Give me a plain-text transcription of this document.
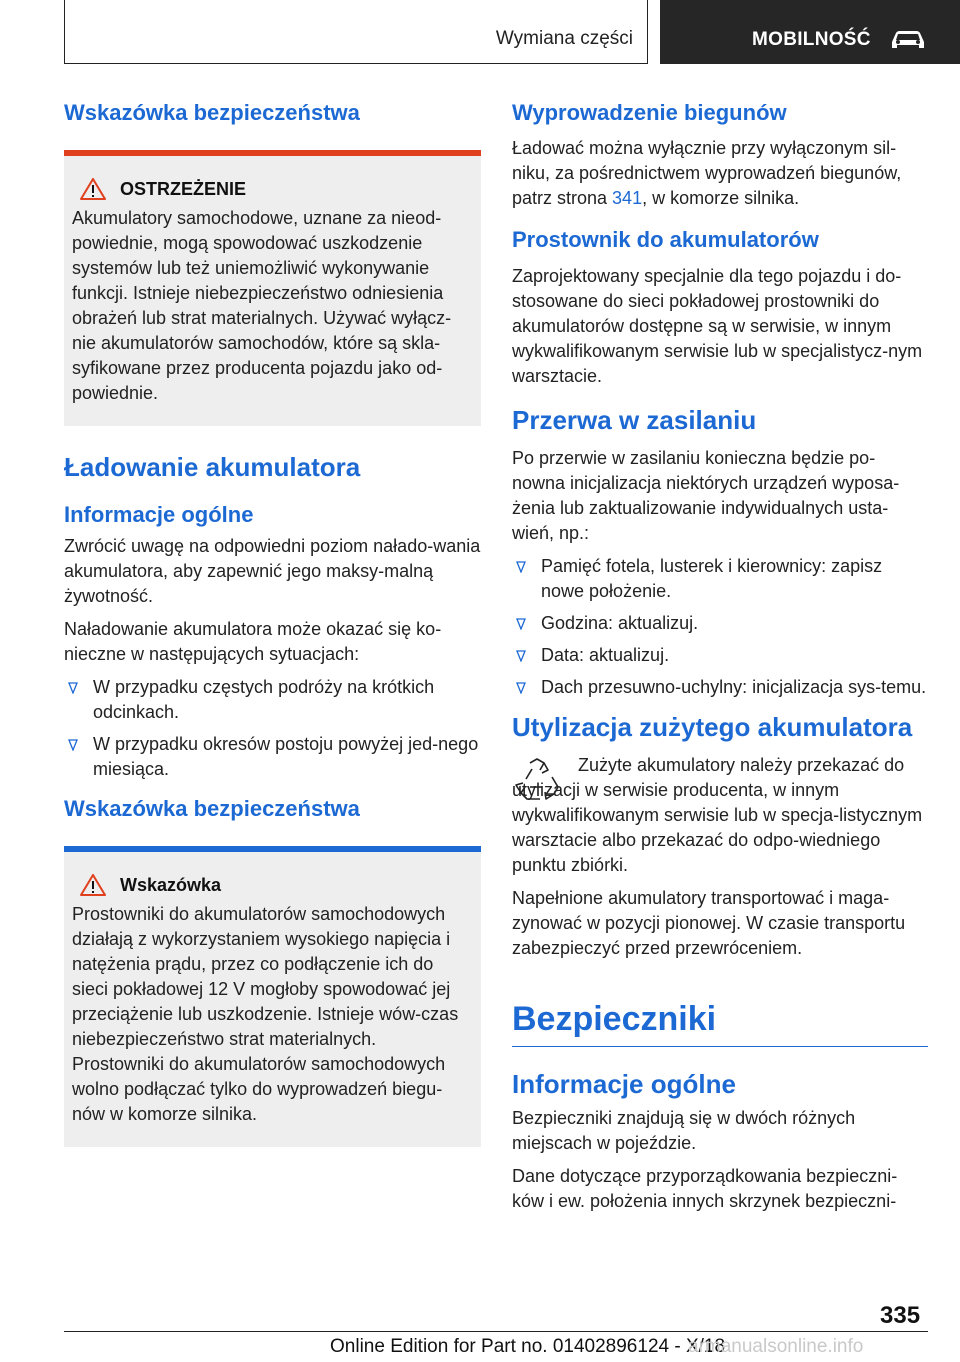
Wymiana części	MOBILNOŚĆ
Wskazówka bezpieczeństwa
OSTRZEŻENIE

Akumulatory samochodowe, uznane za nieod-powiednie, mogą spowodować uszkodzenie systemów lub też uniemożliwić wykonywanie funkcji. Istnieje niebezpieczeństwo odniesienia obrażeń lub strat materialnych. Używać wyłącz-nie akumulatorów samochodów, które są skla-syfikowane przez producenta pojazdu jako od-powiednie.

Ładowanie akumulatora
Informacje ogólne

Zwrócić uwagę na odpowiedni poziom nałado-wania akumulatora, aby zapewnić jego maksy-malną żywotność.

Naładowanie akumulatora może okazać się ko-nieczne w następujących sytuacjach:

W przypadku częstych podróży na krótkich odcinkach.
W przypadku okresów postoju powyżej jed-nego miesiąca.
Wskazówka bezpieczeństwa
Wskazówka

Prostowniki do akumulatorów samochodowych działają z wykorzystaniem wysokiego napięcia i natężenia prądu, przez co podłączenie ich do sieci pokładowej 12 V mogłoby spowodować jej przeciążenie lub uszkodzenie. Istnieje wów-czas niebezpieczeństwo strat materialnych. Prostowniki do akumulatorów samochodowych wolno podłączać tylko do wyprowadzeń biegu-nów w komorze silnika.

Wyprowadzenie biegunów

Ładować można wyłącznie przy wyłączonym sil-niku, za pośrednictwem wyprowadzeń biegunów, patrz strona 341, w komorze silnika.

Prostownik do akumulatorów

Zaprojektowany specjalnie dla tego pojazdu i do-stosowane do sieci pokładowej prostowniki do akumulatorów dostępne są w serwisie, w innym wykwalifikowanym serwisie lub w specjalistycz-nym warsztacie.

Przerwa w zasilaniu

Po przerwie w zasilaniu konieczna będzie po-nowna inicjalizacja niektórych urządzeń wyposa-żenia lub zaktualizowanie indywidualnych usta-wień, np.:

Pamięć fotela, lusterek i kierownicy: zapisz nowe położenie.
Godzina: aktualizuj.
Data: aktualizuj.
Dach przesuwno-uchylny: inicjalizacja sys-temu.
Utylizacja zużytego akumulatora

Zużyte akumulatory należy przekazać do utylizacji w serwisie producenta, w innym wykwalifikowanym serwisie lub w specja-listycznym warsztacie albo przekazać do odpo-wiedniego punktu zbiórki.

Napełnione akumulatory transportować i maga-zynować w pozycji pionowej. W czasie transportu zabezpieczyć przed przewróceniem.

Bezpieczniki
Informacje ogólne

Bezpieczniki znajdują się w dwóch różnych miejscach w pojeździe.

Dane dotyczące przyporządkowania bezpieczni-ków i ew. położenia innych skrzynek bezpieczni-

335
Online Edition for Part no. 01402896124 - X/18
armanualsonline.info
